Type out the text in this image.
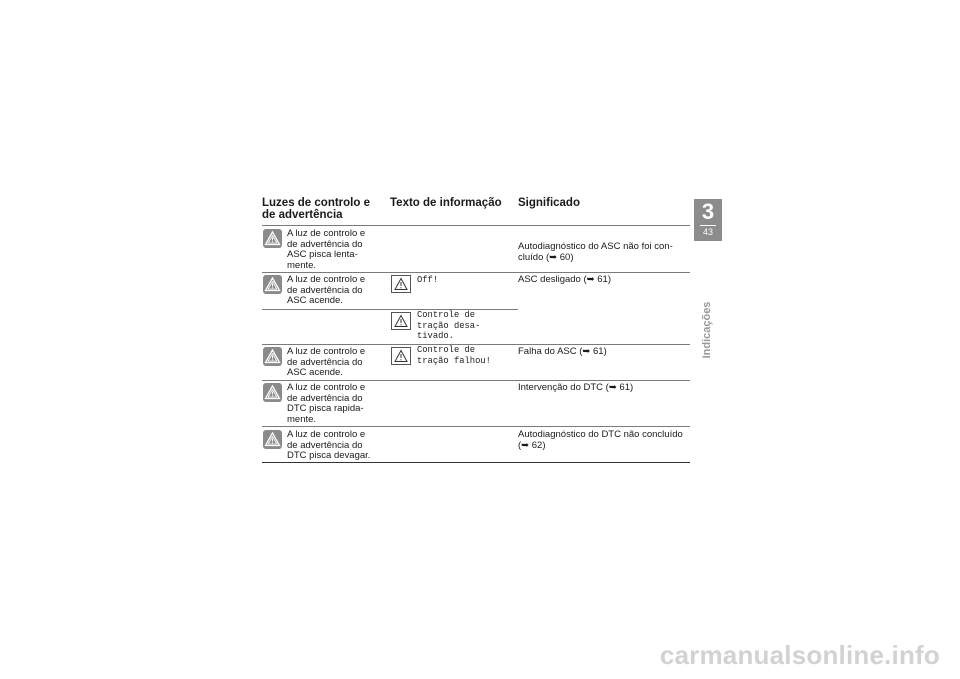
Luzes de controlo e de advertência
Texto de informação Significado
A luz de controlo e
de advertência do
ASC pisca lenta-
mente.
Autodiagnóstico do ASC não foi con-
cluído (➥ 60)
A luz de controlo e
de advertência do
ASC acende.
Off!	ASC desligado (➥ 61)
Controle de
tração desa-
tivado.
A luz de controlo e
de advertência do
ASC acende.
Controle de
tração falhou!
Falha do ASC (➥ 61)
A luz de controlo e
de advertência do
DTC pisca rapida-
mente.
Intervenção do DTC (➥ 61)
A luz de controlo e
de advertência do
DTC pisca devagar.
Autodiagnóstico do DTC não concluído
(➥ 62)
3
43
Indicações
carmanualsonline.info
